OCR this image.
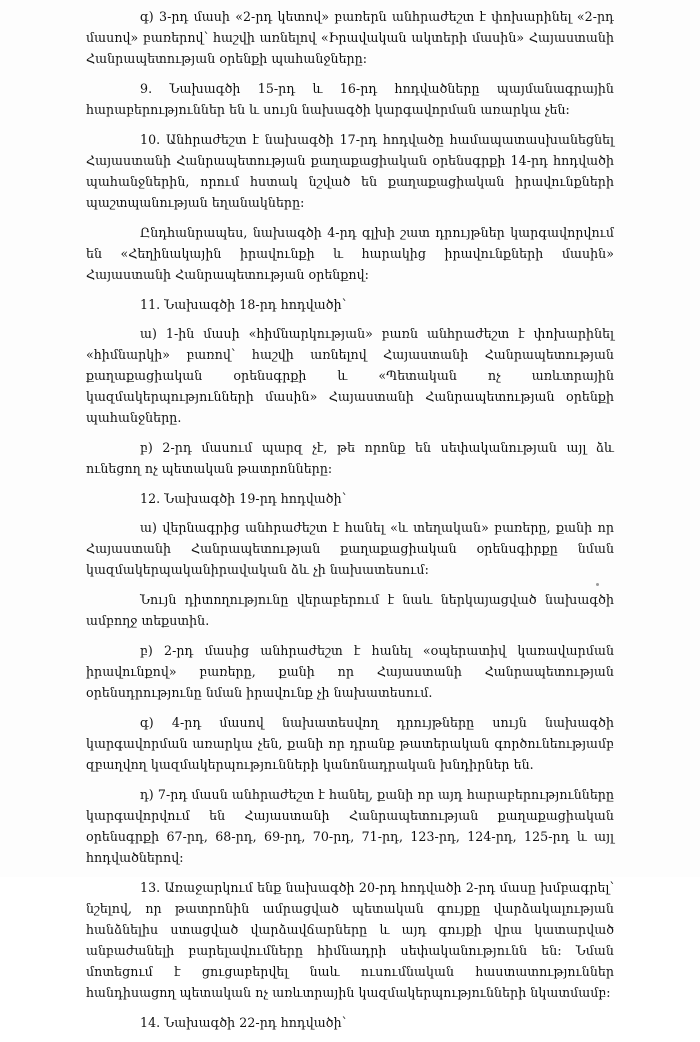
գ) 3-րդ մասի «2-րդ կետով» բառերն անհրաժեշտ է փոխարինել «2-րդ մասով» բառերով՝ հաշվի առնելով «Իրավական ակտերի մասին» Հայաստանի Հանրապետության օրենքի պահանջները:

9. Նախագծի 15-րդ և 16-րդ հոդվածները պայմանագրային հարաբերություններ են և սույն նախագծի կարգավորման առարկա չեն:

10. Անհրաժեշտ է նախագծի 17-րդ հոդվածը համապատասխանեցնել Հայաստանի Հանրապետության քաղաքացիական օրենսգրքի 14-րդ հոդվածի պահանջներին, որում հստակ նշված են քաղաքացիական իրավունքների պաշտպանության եղանակները:

Ընդհանրապես, նախագծի 4-րդ գլխի շատ դրույթներ կարգավորվում են «Հեղինակային իրավունքի և հարակից իրավունքների մասին» Հայաստանի Հանրապետության օրենքով:

11. Նախագծի 18-րդ հոդվածի՝

ա) 1-ին մասի «հիմնարկության» բառն անհրաժեշտ է փոխարինել «հիմնարկի» բառով՝ հաշվի առնելով Հայաստանի Հանրապետության քաղաքացիական օրենսգրքի և «Պետական ոչ առևտրային կազմակերպությունների մասին» Հայաստանի Հանրապետության օրենքի պահանջները.

բ) 2-րդ մասում պարզ չէ, թե որոնք են սեփականության այլ ձև ունեցող ոչ պետական թատրոնները:

12. Նախագծի 19-րդ հոդվածի՝

ա) վերնագրից անհրաժեշտ է հանել «և տեղական» բառերը, քանի որ Հայաստանի Հանրապետության քաղաքացիական օրենսգիրքը նման կազմակերպականիրավական ձև չի նախատեսում:

Նույն դիտողությունը վերաբերում է նաև ներկայացված նախագծի ամբողջ տեքստին.

բ) 2-րդ մասից անհրաժեշտ է հանել «օպերատիվ կառավարման իրավունքով» բառերը, քանի որ Հայաստանի Հանրապետության օրենսդրությունը նման իրավունք չի նախատեսում.

գ) 4-րդ մասով նախատեսվող դրույթները սույն նախագծի կարգավորման առարկա չեն, քանի որ դրանք թատերական գործունեությամբ զբաղվող կազմակերպությունների կանոնադրական խնդիրներ են.

դ) 7-րդ մասն անհրաժեշտ է հանել, քանի որ այդ հարաբերությունները կարգավորվում են Հայաստանի Հանրապետության քաղաքացիական օրենսգրքի 67-րդ, 68-րդ, 69-րդ, 70-րդ, 71-րդ, 123-րդ, 124-րդ, 125-րդ և այլ հոդվածներով:

13. Առաջարկում ենք նախագծի 20-րդ հոդվածի 2-րդ մասը խմբագրել՝ նշելով, որ թատրոնին ամրացված պետական գույքը վարձակալության հանձնելիս ստացված վարձավճարները և այդ գույքի վրա կատարված անբաժանելի բարելավումները հիմնադրի սեփականությունն են: Նման մոտեցում է ցուցաբերվել նաև ուսումնական հաստատություններ հանդիսացող պետական ոչ առևտրային կազմակերպությունների նկատմամբ:

14. Նախագծի 22-րդ հոդվածի՝
